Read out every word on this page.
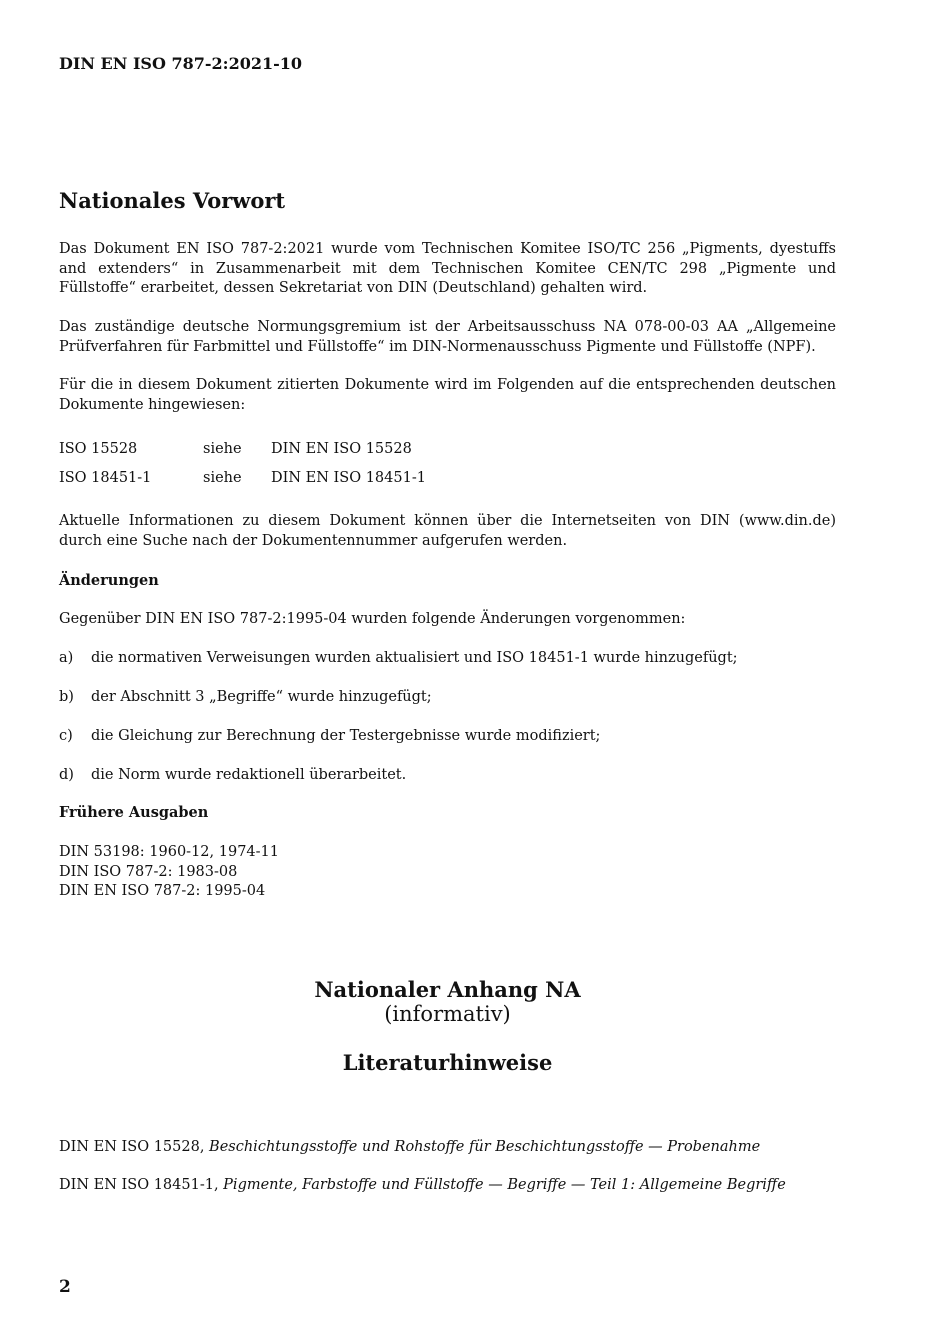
DIN EN ISO 787-2:2021-10
Nationales Vorwort
Das Dokument EN ISO 787-2:2021 wurde vom Technischen Komitee ISO/TC 256 „Pigments, dyestuffs and extenders“ in Zusammenarbeit mit dem Technischen Komitee CEN/TC 298 „Pigmente und Füllstoffe“ erarbeitet, dessen Sekretariat von DIN (Deutschland) gehalten wird.
Das zuständige deutsche Normungsgremium ist der Arbeitsausschuss NA 078-00-03 AA „Allgemeine Prüfverfahren für Farbmittel und Füllstoffe“ im DIN-Normenausschuss Pigmente und Füllstoffe (NPF).
Für die in diesem Dokument zitierten Dokumente wird im Folgenden auf die entsprechenden deutschen Dokumente hingewiesen:
ISO 15528	siehe DIN EN ISO 15528
ISO 18451-1	siehe DIN EN ISO 18451-1
Aktuelle Informationen zu diesem Dokument können über die Internetseiten von DIN (www.din.de) durch eine Suche nach der Dokumentennummer aufgerufen werden.
Änderungen
Gegenüber DIN EN ISO 787-2:1995-04 wurden folgende Änderungen vorgenommen:
a) die normativen Verweisungen wurden aktualisiert und ISO 18451-1 wurde hinzugefügt;
b) der Abschnitt 3 „Begriffe“ wurde hinzugefügt;
c) die Gleichung zur Berechnung der Testergebnisse wurde modifiziert;
d) die Norm wurde redaktionell überarbeitet.
Frühere Ausgaben
DIN 53198: 1960-12, 1974-11
DIN ISO 787-2: 1983-08
DIN EN ISO 787-2: 1995-04
Nationaler Anhang NA
(informativ)
Literaturhinweise
DIN EN ISO 15528, Beschichtungsstoffe und Rohstoffe für Beschichtungsstoffe — Probenahme
DIN EN ISO 18451-1, Pigmente, Farbstoffe und Füllstoffe — Begriffe — Teil 1: Allgemeine Begriffe
2
